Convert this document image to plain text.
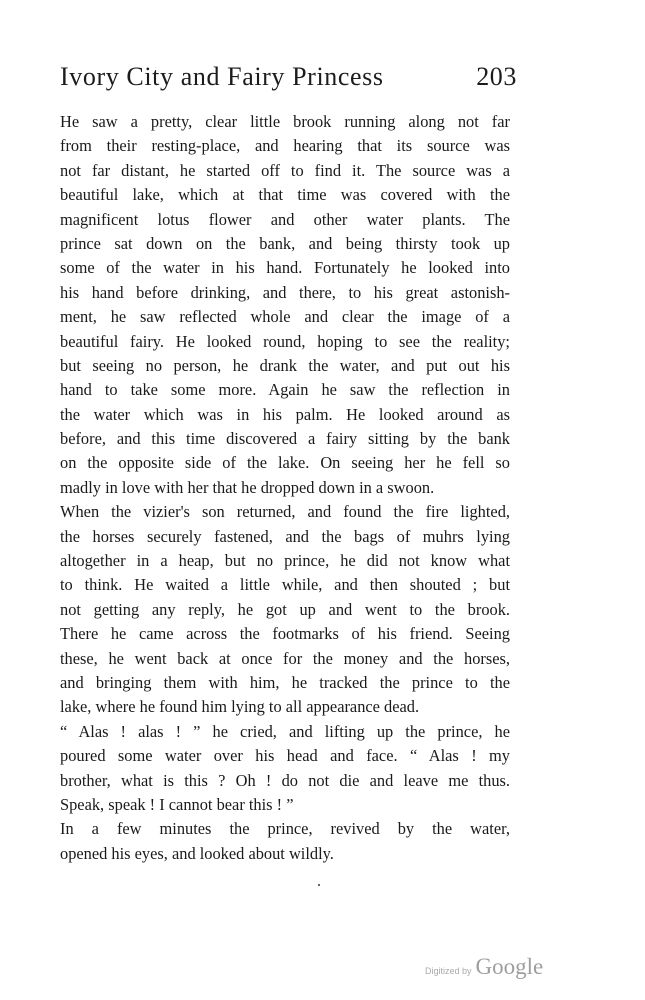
Ivory City and Fairy Princess	203
He saw a pretty, clear little brook running along not far
from their resting-place, and hearing that its source was
not far distant, he started off to find it. The source was a
beautiful lake, which at that time was covered with the
magnificent lotus flower and other water plants. The
prince sat down on the bank, and being thirsty took up
some of the water in his hand. Fortunately he looked into
his hand before drinking, and there, to his great astonish-
ment, he saw reflected whole and clear the image of a
beautiful fairy. He looked round, hoping to see the reality;
but seeing no person, he drank the water, and put out his
hand to take some more. Again he saw the reflection in
the water which was in his palm. He looked around as
before, and this time discovered a fairy sitting by the bank
on the opposite side of the lake. On seeing her he fell so
madly in love with her that he dropped down in a swoon.
When the vizier's son returned, and found the fire lighted,
the horses securely fastened, and the bags of muhrs lying
altogether in a heap, but no prince, he did not know what
to think. He waited a little while, and then shouted ; but
not getting any reply, he got up and went to the brook.
There he came across the footmarks of his friend. Seeing
these, he went back at once for the money and the horses,
and bringing them with him, he tracked the prince to the
lake, where he found him lying to all appearance dead.
“ Alas ! alas ! ” he cried, and lifting up the prince, he
poured some water over his head and face. “ Alas ! my
brother, what is this ? Oh ! do not die and leave me thus.
Speak, speak ! I cannot bear this ! ”
In a few minutes the prince, revived by the water,
opened his eyes, and looked about wildly.
Digitized by Google
